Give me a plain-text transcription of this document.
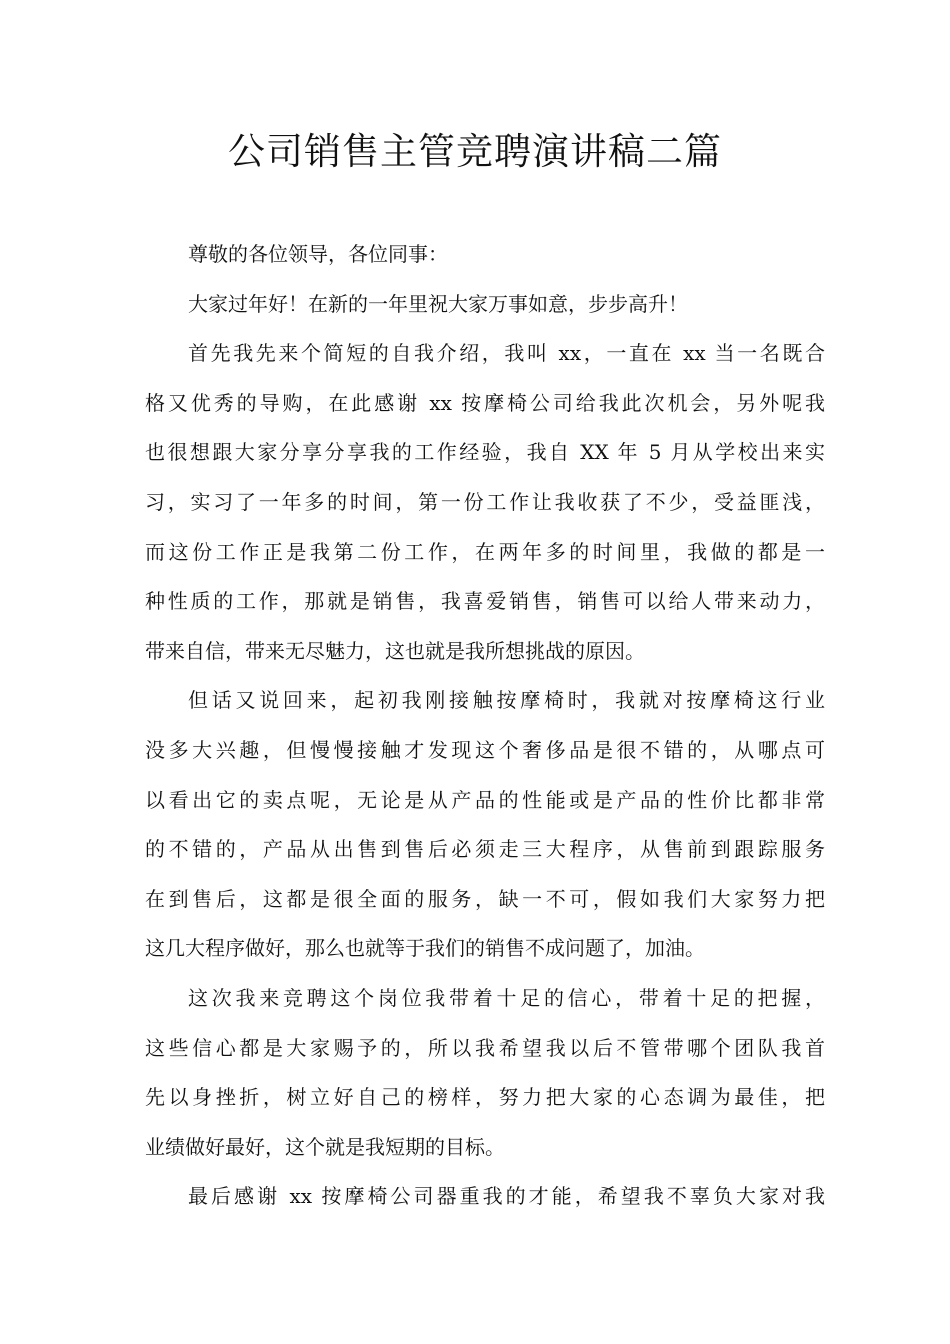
公司销售主管竞聘演讲稿二篇
尊敬的各位领导，各位同事：
大家过年好！在新的一年里祝大家万事如意，步步高升！
首先我先来个简短的自我介绍，我叫 xx，一直在 xx 当一名既合
格又优秀的导购，在此感谢 xx 按摩椅公司给我此次机会，另外呢我
也很想跟大家分享分享我的工作经验，我自 XX 年 5 月从学校出来实
习，实习了一年多的时间，第一份工作让我收获了不少，受益匪浅，
而这份工作正是我第二份工作，在两年多的时间里，我做的都是一
种性质的工作，那就是销售，我喜爱销售，销售可以给人带来动力，
带来自信，带来无尽魅力，这也就是我所想挑战的原因。
但话又说回来，起初我刚接触按摩椅时，我就对按摩椅这行业
没多大兴趣，但慢慢接触才发现这个奢侈品是很不错的，从哪点可
以看出它的卖点呢，无论是从产品的性能或是产品的性价比都非常
的不错的，产品从出售到售后必须走三大程序，从售前到跟踪服务
在到售后，这都是很全面的服务，缺一不可，假如我们大家努力把
这几大程序做好，那么也就等于我们的销售不成问题了，加油。
这次我来竞聘这个岗位我带着十足的信心，带着十足的把握，
这些信心都是大家赐予的，所以我希望我以后不管带哪个团队我首
先以身挫折，树立好自己的榜样，努力把大家的心态调为最佳，把
业绩做好最好，这个就是我短期的目标。
最后感谢 xx 按摩椅公司器重我的才能，希望我不辜负大家对我
